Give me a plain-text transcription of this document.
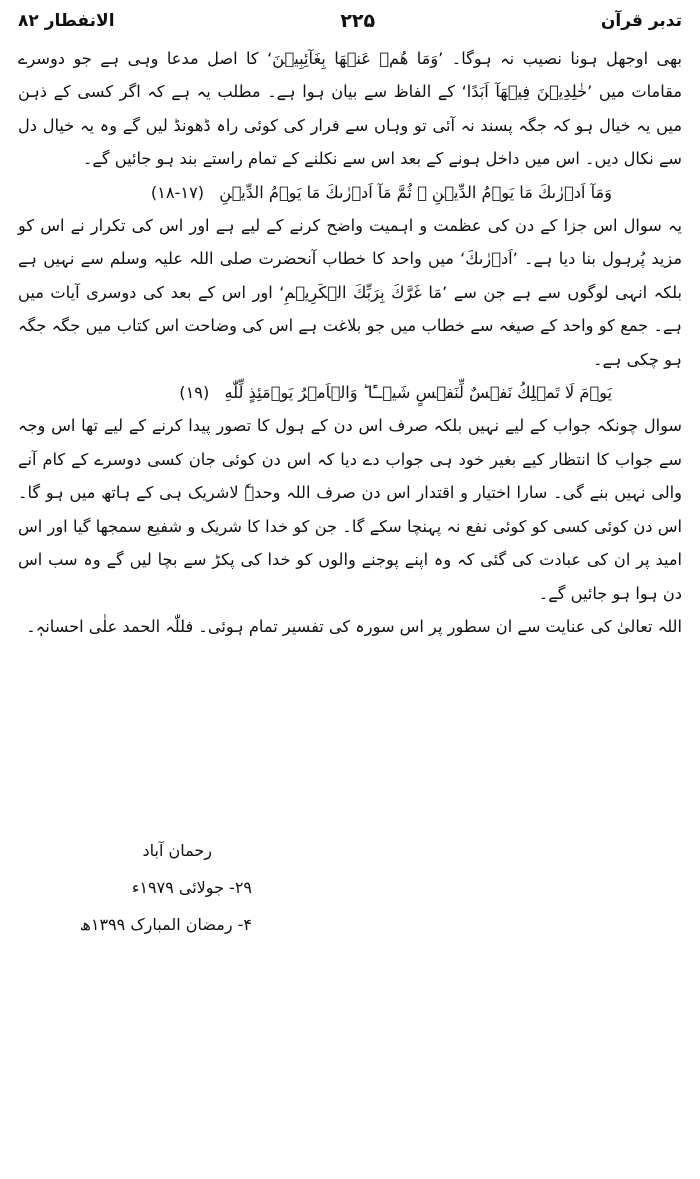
تدبر قرآن
۲۲۵
الانفطار ۸۲

بھی اوجھل ہونا نصیب نہ ہوگا۔ ’وَمَا ھُمۡ عَنۡھَا بِغَآئِبِیۡنَ‘ کا اصل مدعا وہی ہے جو دوسرے مقامات میں ’خٰلِدِیۡنَ فِیۡھَآ اَبَدًا‘ کے الفاظ سے بیان ہوا ہے۔ مطلب یہ ہے کہ اگر کسی کے ذہن میں یہ خیال ہو کہ جگہ پسند نہ آئی تو وہاں سے فرار کی کوئی راہ ڈھونڈ لیں گے وہ یہ خیال دل سے نکال دیں۔ اس میں داخل ہونے کے بعد اس سے نکلنے کے تمام راستے بند ہو جائیں گے۔

وَمَآ اَدۡرٰىكَ مَا يَوۡمُ الدِّيۡنِ ۙ ثُمَّ مَآ اَدۡرٰىكَ مَا يَوۡمُ الدِّيۡنِ (۱۷-۱۸)

یہ سوال اس جزا کے دن کی عظمت و اہمیت واضح کرنے کے لیے ہے اور اس کی تکرار نے اس کو مزید پُرہول بنا دیا ہے۔ ’اَدۡرٰىكَ‘ میں واحد کا خطاب آنحضرت صلی اللہ علیہ وسلم سے نہیں ہے بلکہ انہی لوگوں سے ہے جن سے ’مَا غَرَّكَ بِرَبِّكَ الۡكَرِيۡمِ‘ اور اس کے بعد کی دوسری آیات میں ہے۔ جمع کو واحد کے صیغہ سے خطاب میں جو بلاغت ہے اس کی وضاحت اس کتاب میں جگہ جگہ ہو چکی ہے۔

يَوۡمَ لَا تَمۡلِكُ نَفۡسٌ لِّنَفۡسٍ شَيۡــًٔا ؕ وَالۡاَمۡرُ يَوۡمَئِذٍ لِّلّٰهِ (۱۹)

سوال چونکہ جواب کے لیے نہیں بلکہ صرف اس دن کے ہول کا تصور پیدا کرنے کے لیے تھا اس وجہ سے جواب کا انتظار کیے بغیر خود ہی جواب دے دیا کہ اس دن کوئی جان کسی دوسرے کے کام آنے والی نہیں بنے گی۔ سارا اختیار و اقتدار اس دن صرف اللہ وحدہٗ لاشریک ہی کے ہاتھ میں ہو گا۔ اس دن کوئی کسی کو کوئی نفع نہ پہنچا سکے گا۔ جن کو خدا کا شریک و شفیع سمجھا گیا اور اس امید پر ان کی عبادت کی گئی کہ وہ اپنے پوجنے والوں کو خدا کی پکڑ سے بچا لیں گے وہ سب اس دن ہوا ہو جائیں گے۔

اللہ تعالیٰ کی عنایت سے ان سطور پر اس سورہ کی تفسیر تمام ہوئی۔ فللّٰہ الحمد علٰی احسانہٖ۔

رحمان آباد
۲۹- جولائی ۱۹۷۹ء
۴- رمضان المبارک ۱۳۹۹ھ
